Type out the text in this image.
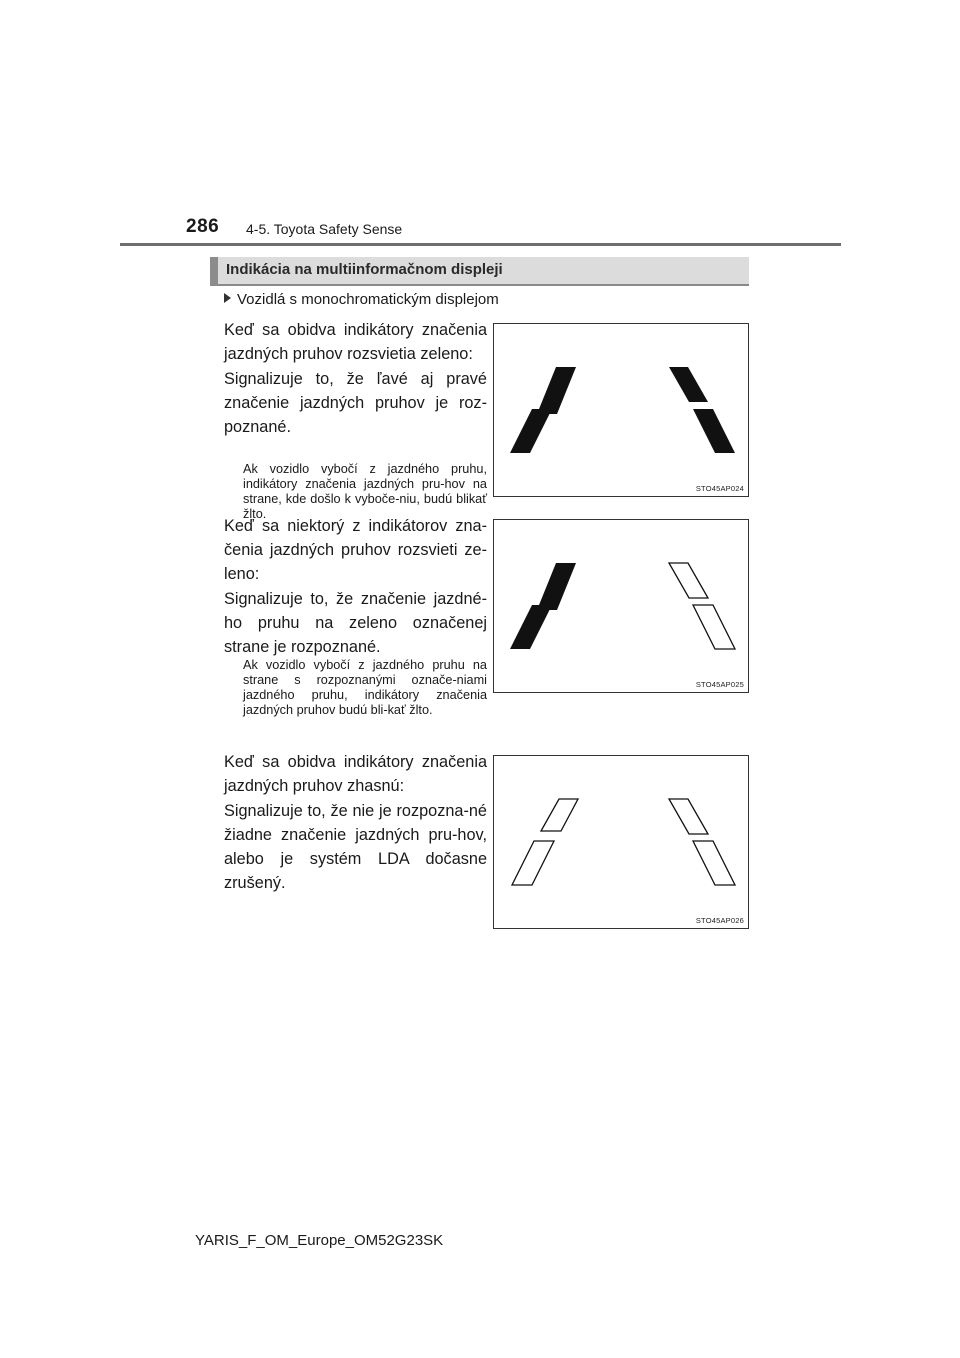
286 4-5. Toyota Safety Sense
Indikácia na multiinformačnom displeji
Vozidlá s monochromatickým displejom
Keď sa obidva indikátory značenia jazdných pruhov rozsvietia zeleno:
Signalizuje to, že ľavé aj pravé značenie jazdných pruhov je roz-poznané.
Ak vozidlo vybočí z jazdného pruhu, indikátory značenia jazdných pru-hov na strane, kde došlo k vyboče-niu, budú blikať žlto.
STO45AP024
Keď sa niektorý z indikátorov zna-čenia jazdných pruhov rozsvieti ze-leno:
Signalizuje to, že značenie jazdné-ho pruhu na zeleno označenej strane je rozpoznané.
Ak vozidlo vybočí z jazdného pruhu na strane s rozpoznanými označe-niami jazdného pruhu, indikátory značenia jazdných pruhov budú bli-kať žlto.
STO45AP025
Keď sa obidva indikátory značenia jazdných pruhov zhasnú:
Signalizuje to, že nie je rozpozna-né žiadne značenie jazdných pru-hov, alebo je systém LDA dočasne zrušený.
STO45AP026
YARIS_F_OM_Europe_OM52G23SK
